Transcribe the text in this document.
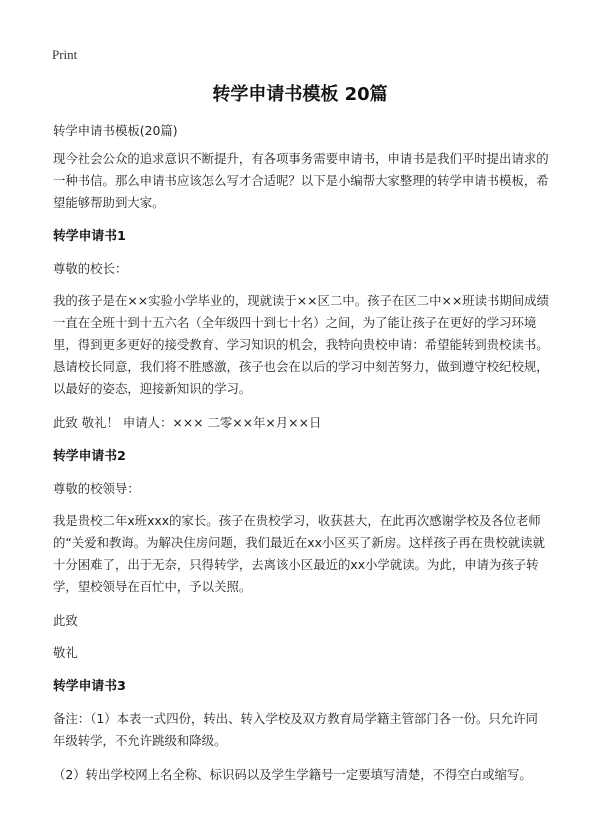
Print
转学申请书模板 20篇

转学申请书模板(20篇)

现今社会公众的追求意识不断提升，有各项事务需要申请书，申请书是我们平时提出请求的一种书信。那么申请书应该怎么写才合适呢？以下是小编帮大家整理的转学申请书模板，希望能够帮助到大家。

转学申请书1

尊敬的校长：

我的孩子是在××实验小学毕业的，现就读于××区二中。孩子在区二中××班读书期间成绩一直在全班十到十五六名（全年级四十到七十名）之间，为了能让孩子在更好的学习环境里，得到更多更好的接受教育、学习知识的机会，我特向贵校申请：希望能转到贵校读书。恳请校长同意，我们将不胜感激，孩子也会在以后的学习中刻苦努力，做到遵守校纪校规，以最好的姿态，迎接新知识的学习。

此致 敬礼！ 申请人：××× 二零××年×月××日

转学申请书2

尊敬的校领导：

我是贵校二年x班xxx的家长。孩子在贵校学习，收获甚大，在此再次感谢学校及各位老师的“关爱和教诲。为解决住房问题，我们最近在xx小区买了新房。这样孩子再在贵校就读就十分困难了，出于无奈，只得转学，去离该小区最近的xx小学就读。为此，申请为孩子转学，望校领导在百忙中，予以关照。

此致

敬礼

转学申请书3

备注：（1）本表一式四份，转出、转入学校及双方教育局学籍主管部门各一份。只允许同年级转学，不允许跳级和降级。

（2）转出学校网上名全称、标识码以及学生学籍号一定要填写清楚，不得空白或缩写。
